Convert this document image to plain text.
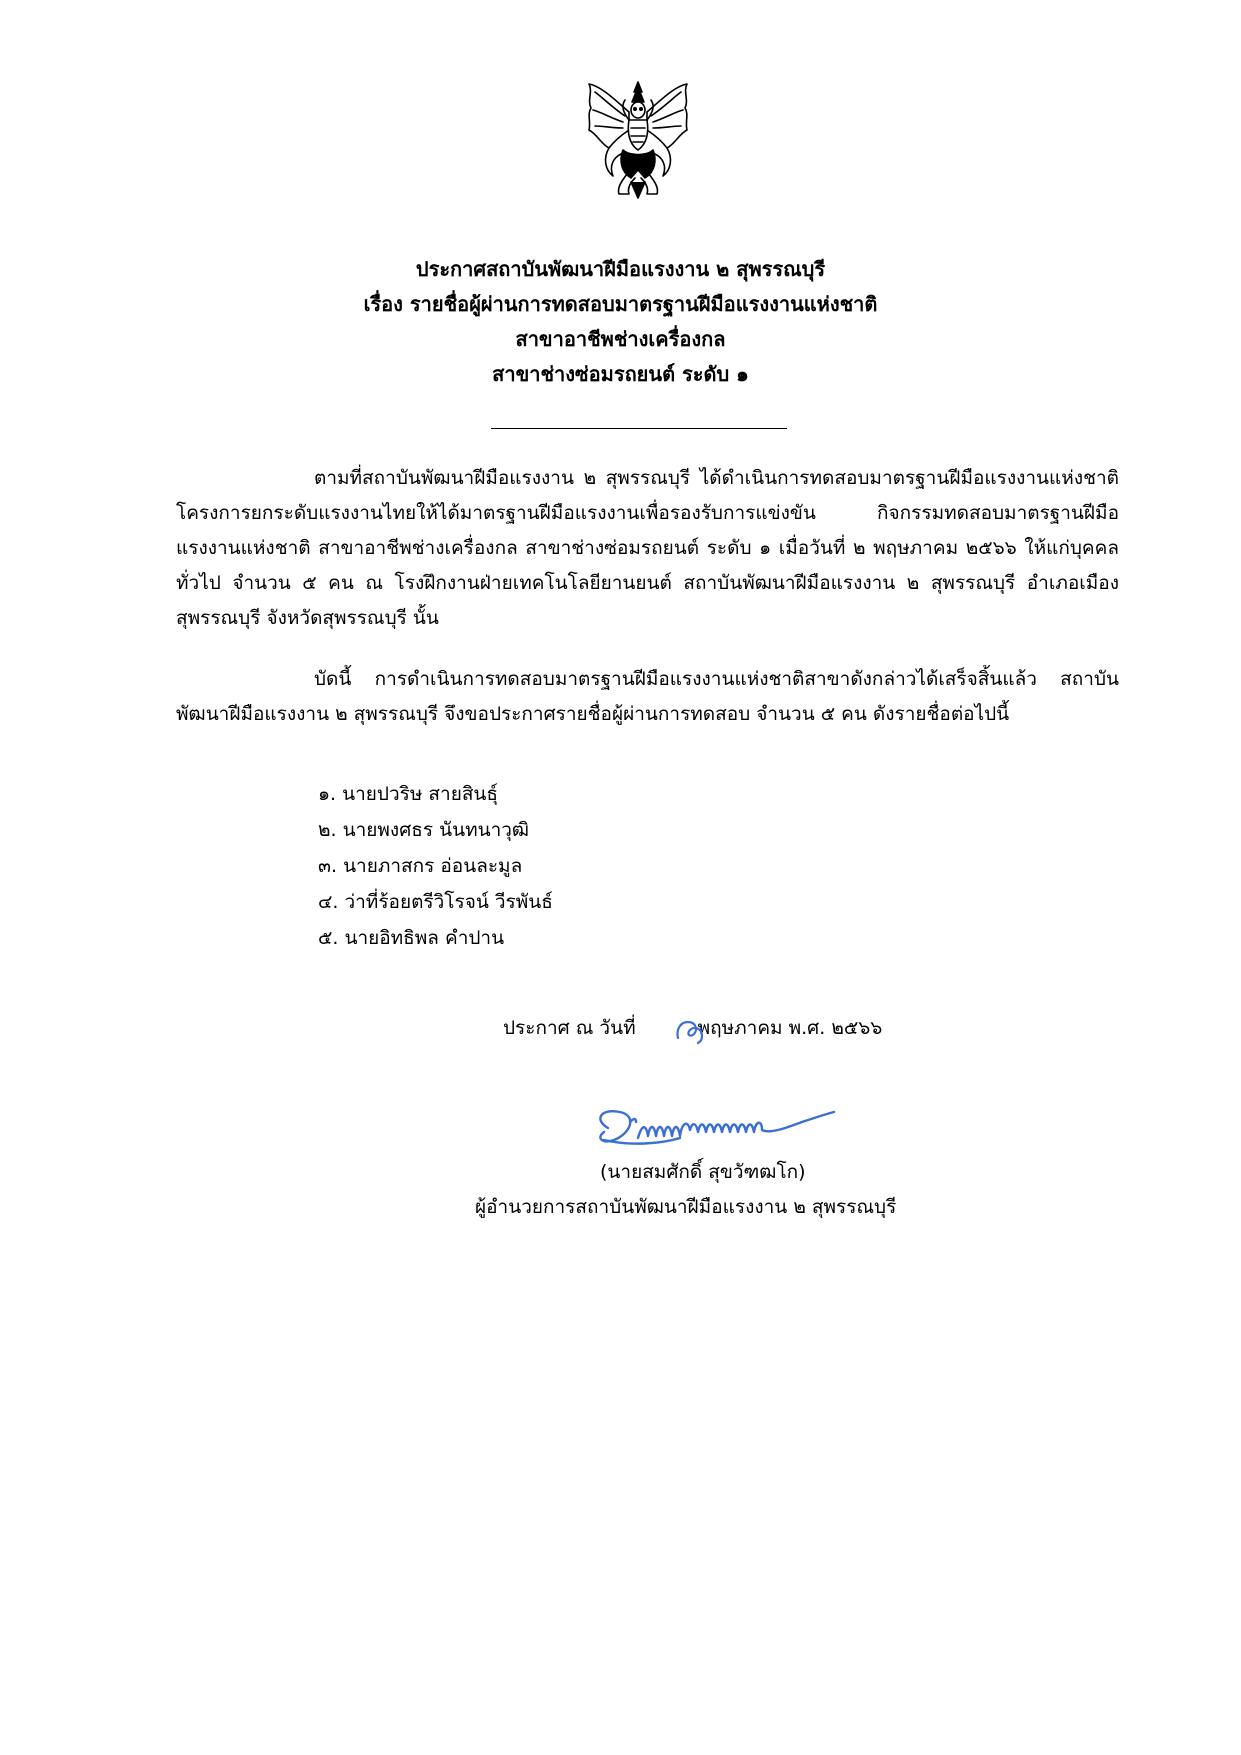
ประกาศสถาบันพัฒนาฝีมือแรงงาน ๒ สุพรรณบุรี
เรื่อง รายชื่อผู้ผ่านการทดสอบมาตรฐานฝีมือแรงงานแห่งชาติ
สาขาอาชีพช่างเครื่องกล
สาขาช่างซ่อมรถยนต์ ระดับ ๑
ตามที่สถาบันพัฒนาฝีมือแรงงาน ๒ สุพรรณบุรี ได้ดำเนินการทดสอบมาตรฐานฝีมือแรงงานแห่งชาติ โครงการยกระดับแรงงานไทยให้ได้มาตรฐานฝีมือแรงงานเพื่อรองรับการแข่งขัน กิจกรรมทดสอบมาตรฐานฝีมือแรงงานแห่งชาติ สาขาอาชีพช่างเครื่องกล สาขาช่างซ่อมรถยนต์ ระดับ ๑ เมื่อวันที่ ๒ พฤษภาคม ๒๕๖๖ ให้แก่บุคคลทั่วไป จำนวน ๕ คน ณ โรงฝึกงานฝ่ายเทคโนโลยียานยนต์ สถาบันพัฒนาฝีมือแรงงาน ๒ สุพรรณบุรี อำเภอเมืองสุพรรณบุรี จังหวัดสุพรรณบุรี นั้น
บัดนี้ การดำเนินการทดสอบมาตรฐานฝีมือแรงงานแห่งชาติสาขาดังกล่าวได้เสร็จสิ้นแล้ว สถาบันพัฒนาฝีมือแรงงาน ๒ สุพรรณบุรี จึงขอประกาศรายชื่อผู้ผ่านการทดสอบ จำนวน ๕ คน ดังรายชื่อต่อไปนี้
๑. นายปวริษ สายสินธุ์
๒. นายพงศธร นันทนาวุฒิ
๓. นายภาสกร อ่อนละมูล
๔. ว่าที่ร้อยตรีวิโรจน์ วีรพันธ์
๕. นายอิทธิพล คำปาน
ประกาศ ณ วันที่	พฤษภาคม พ.ศ. ๒๕๖๖
(นายสมศักดิ์ สุขวัฑฒโก)
ผู้อำนวยการสถาบันพัฒนาฝีมือแรงงาน ๒ สุพรรณบุรี
